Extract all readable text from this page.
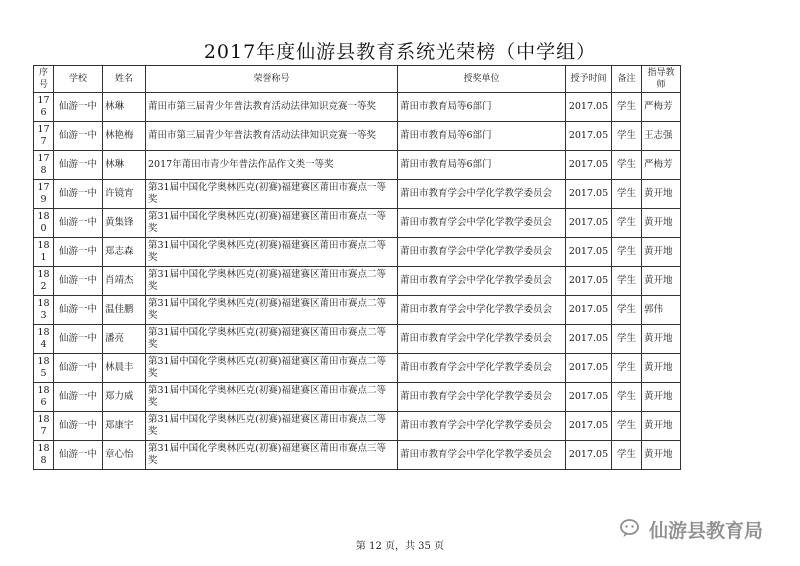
2017年度仙游县教育系统光荣榜（中学组）
序号	学校	姓名	荣誉称号	授奖单位	授予时间	备注	指导教师
176	仙游一中	林琳	莆田市第三届青少年普法教育活动法律知识竞赛一等奖	莆田市教育局等6部门	2017.05	学生	严梅芳
177	仙游一中	林艳梅	莆田市第三届青少年普法教育活动法律知识竞赛一等奖	莆田市教育局等6部门	2017.05	学生	王志强
178	仙游一中	林琳	2017年莆田市青少年普法作品作文类一等奖	莆田市教育局等6部门	2017.05	学生	严梅芳
179	仙游一中	许镜宵	第31届中国化学奥林匹克(初赛)福建赛区莆田市赛点一等奖	莆田市教育学会中学化学教学委员会	2017.05	学生	黄开地
180	仙游一中	黄集锋	第31届中国化学奥林匹克(初赛)福建赛区莆田市赛点一等奖	莆田市教育学会中学化学教学委员会	2017.05	学生	黄开地
181	仙游一中	郑志森	第31届中国化学奥林匹克(初赛)福建赛区莆田市赛点二等奖	莆田市教育学会中学化学教学委员会	2017.05	学生	黄开地
182	仙游一中	肖靖杰	第31届中国化学奥林匹克(初赛)福建赛区莆田市赛点二等奖	莆田市教育学会中学化学教学委员会	2017.05	学生	黄开地
183	仙游一中	温佳鹏	第31届中国化学奥林匹克(初赛)福建赛区莆田市赛点二等奖	莆田市教育学会中学化学教学委员会	2017.05	学生	郭伟
184	仙游一中	潘亮	第31届中国化学奥林匹克(初赛)福建赛区莆田市赛点二等奖	莆田市教育学会中学化学教学委员会	2017.05	学生	黄开地
185	仙游一中	林晨丰	第31届中国化学奥林匹克(初赛)福建赛区莆田市赛点二等奖	莆田市教育学会中学化学教学委员会	2017.05	学生	黄开地
186	仙游一中	郑力威	第31届中国化学奥林匹克(初赛)福建赛区莆田市赛点二等奖	莆田市教育学会中学化学教学委员会	2017.05	学生	黄开地
187	仙游一中	郑康宇	第31届中国化学奥林匹克(初赛)福建赛区莆田市赛点二等奖	莆田市教育学会中学化学教学委员会	2017.05	学生	黄开地
188	仙游一中	章心怡	第31届中国化学奥林匹克(初赛)福建赛区莆田市赛点三等奖	莆田市教育学会中学化学教学委员会	2017.05	学生	黄开地
第 12 页，共 35 页
仙游县教育局
